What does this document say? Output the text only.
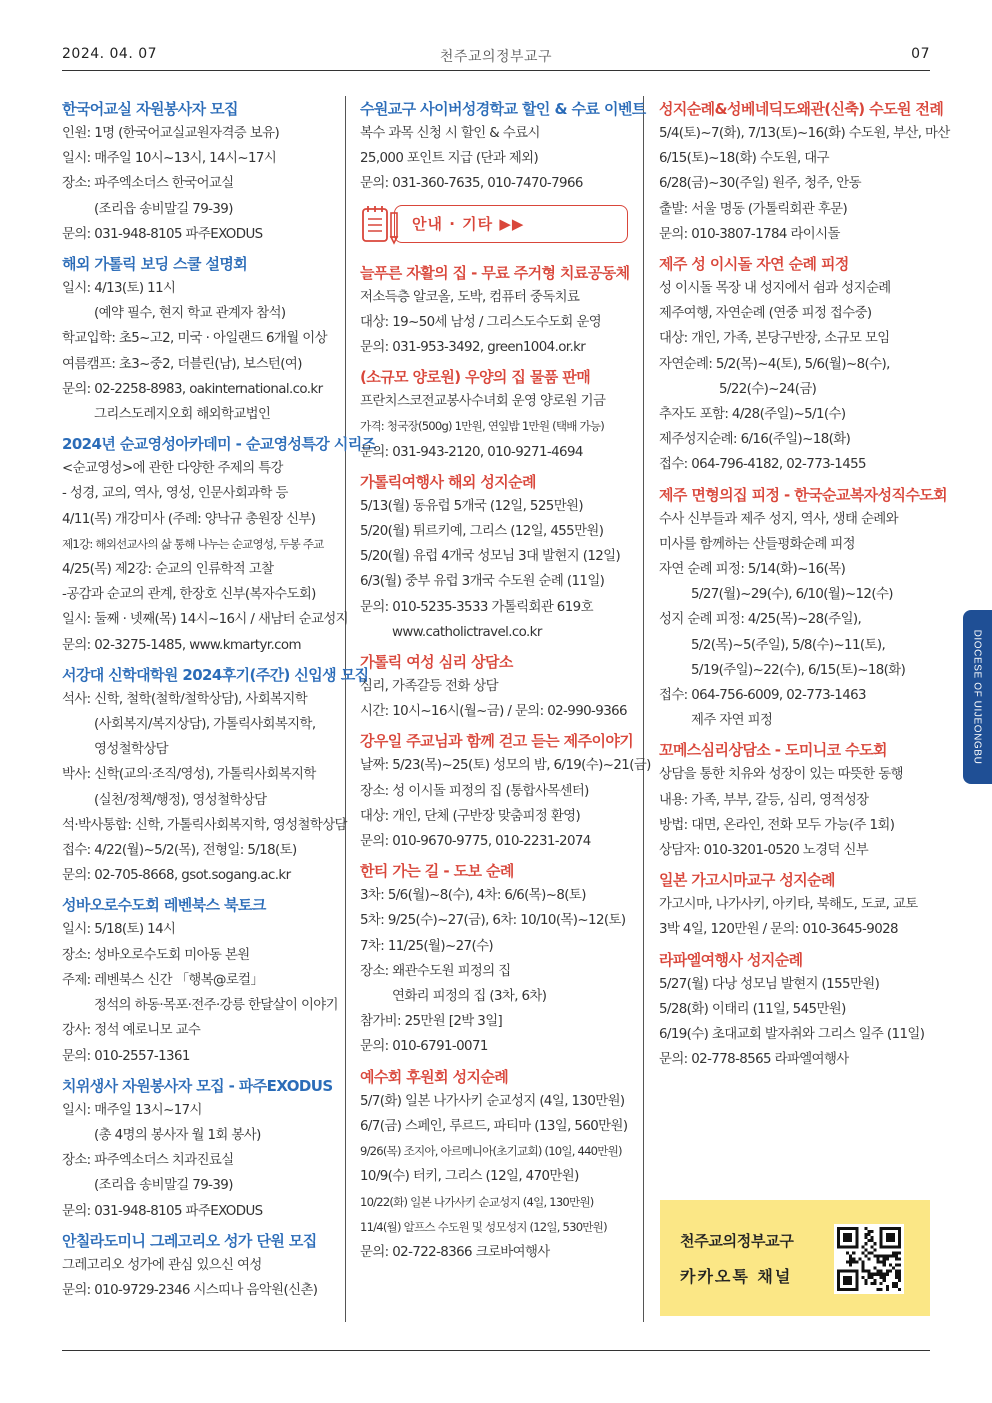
2024. 04. 07	천주교의정부교구	07
한국어교실 자원봉사자 모집
인원: 1명 (한국어교실교원자격증 보유)
일시: 매주일 10시~13시, 14시~17시
장소: 파주엑소더스 한국어교실
(조리읍 송비말길 79-39)
문의: 031-948-8105 파주EXODUS
해외 가톨릭 보딩 스쿨 설명회
일시: 4/13(토) 11시
(예약 필수, 현지 학교 관계자 참석)
학교입학: 초5~고2, 미국 · 아일랜드 6개월 이상
여름캠프: 초3~중2, 더블린(남), 보스턴(여)
문의: 02-2258-8983, oakinternational.co.kr
그리스도레지오회 해외학교법인
2024년 순교영성아카데미 - 순교영성특강 시리즈
<순교영성>에 관한 다양한 주제의 특강
- 성경, 교의, 역사, 영성, 인문사회과학 등
4/11(목) 개강미사 (주례: 양낙규 총원장 신부)
제1강: 해외선교사의 삶 통해 나누는 순교영성, 두봉 주교
4/25(목) 제2강: 순교의 인류학적 고찰
-공감과 순교의 관계, 한장호 신부(복자수도회)
일시: 둘째 · 넷째(목) 14시~16시 / 새남터 순교성지
문의: 02-3275-1485, www.kmartyr.com
서강대 신학대학원 2024후기(주간) 신입생 모집
석사: 신학, 철학(철학/철학상담), 사회복지학
(사회복지/복지상담), 가톨릭사회복지학,
영성철학상담
박사: 신학(교의·조직/영성), 가톨릭사회복지학
(실천/정책/행정), 영성철학상담
석·박사통합: 신학, 가톨릭사회복지학, 영성철학상담
접수: 4/22(월)~5/2(목), 전형일: 5/18(토)
문의: 02-705-8668, gsot.sogang.ac.kr
성바오로수도회 레벤북스 북토크
일시: 5/18(토) 14시
장소: 성바오로수도회 미아동 본원
주제: 레벤북스 신간 「행복@로컬」
정석의 하동·목포·전주·강릉 한달살이 이야기
강사: 정석 예로니모 교수
문의: 010-2557-1361
치위생사 자원봉사자 모집 - 파주EXODUS
일시: 매주일 13시~17시
(총 4명의 봉사자 월 1회 봉사)
장소: 파주엑소더스 치과진료실
(조리읍 송비말길 79-39)
문의: 031-948-8105 파주EXODUS
안칠라도미니 그레고리오 성가 단원 모집
그레고리오 성가에 관심 있으신 여성
문의: 010-9729-2346 시스띠나 음악원(신촌)
수원교구 사이버성경학교 할인 & 수료 이벤트
복수 과목 신청 시 할인 & 수료시
25,000 포인트 지급 (단과 제외)
문의: 031-360-7635, 010-7470-7966
안내 · 기타 ▶▶
늘푸른 자활의 집 - 무료 주거형 치료공동체
저소득층 알코올, 도박, 컴퓨터 중독치료
대상: 19~50세 남성 / 그리스도수도회 운영
문의: 031-953-3492, green1004.or.kr
(소규모 양로원) 우양의 집 물품 판매
프란치스코전교봉사수녀회 운영 양로원 기금
가격: 청국장(500g) 1만원, 연잎밥 1만원 (택배 가능)
문의: 031-943-2120, 010-9271-4694
가톨릭여행사 해외 성지순례
5/13(월) 동유럽 5개국 (12일, 525만원)
5/20(월) 튀르키예, 그리스 (12일, 455만원)
5/20(월) 유럽 4개국 성모님 3대 발현지 (12일)
6/3(월) 중부 유럽 3개국 수도원 순례 (11일)
문의: 010-5235-3533 가톨릭회관 619호
www.catholictravel.co.kr
가톨릭 여성 심리 상담소
심리, 가족갈등 전화 상담
시간: 10시~16시(월~금) / 문의: 02-990-9366
강우일 주교님과 함께 걷고 듣는 제주이야기
날짜: 5/23(목)~25(토) 성모의 밤, 6/19(수)~21(금)
장소: 성 이시돌 피정의 집 (통합사목센터)
대상: 개인, 단체 (구반장 맞춤피정 환영)
문의: 010-9670-9775, 010-2231-2074
한티 가는 길 - 도보 순례
3차: 5/6(월)~8(수), 4차: 6/6(목)~8(토)
5차: 9/25(수)~27(금), 6차: 10/10(목)~12(토)
7차: 11/25(월)~27(수)
장소: 왜관수도원 피정의 집
연화리 피정의 집 (3차, 6차)
참가비: 25만원 [2박 3일]
문의: 010-6791-0071
예수회 후원회 성지순례
5/7(화) 일본 나가사키 순교성지 (4일, 130만원)
6/7(금) 스페인, 루르드, 파티마 (13일, 560만원)
9/26(목) 조지아, 아르메니아(초기교회) (10일, 440만원)
10/9(수) 터키, 그리스 (12일, 470만원)
10/22(화) 일본 나가사키 순교성지 (4일, 130만원)
11/4(월) 알프스 수도원 및 성모성지 (12일, 530만원)
문의: 02-722-8366 크로바여행사
성지순례&성베네딕도왜관(신축) 수도원 전례
5/4(토)~7(화), 7/13(토)~16(화) 수도원, 부산, 마산
6/15(토)~18(화) 수도원, 대구
6/28(금)~30(주일) 원주, 청주, 안동
출발: 서울 명동 (가톨릭회관 후문)
문의: 010-3807-1784 라이시돌
제주 성 이시돌 자연 순례 피정
성 이시돌 목장 내 성지에서 쉼과 성지순례
제주여행, 자연순례 (연중 피정 접수중)
대상: 개인, 가족, 본당구반장, 소규모 모임
자연순례: 5/2(목)~4(토), 5/6(월)~8(수),
5/22(수)~24(금)
추자도 포함: 4/28(주일)~5/1(수)
제주성지순례: 6/16(주일)~18(화)
접수: 064-796-4182, 02-773-1455
제주 면형의집 피정 - 한국순교복자성직수도회
수사 신부들과 제주 성지, 역사, 생태 순례와
미사를 함께하는 산들평화순례 피정
자연 순례 피정: 5/14(화)~16(목)
5/27(월)~29(수), 6/10(월)~12(수)
성지 순례 피정: 4/25(목)~28(주일),
5/2(목)~5(주일), 5/8(수)~11(토),
5/19(주일)~22(수), 6/15(토)~18(화)
접수: 064-756-6009, 02-773-1463
제주 자연 피정
꼬메스심리상담소 - 도미니코 수도회
상담을 통한 치유와 성장이 있는 따뜻한 동행
내용: 가족, 부부, 갈등, 심리, 영적성장
방법: 대면, 온라인, 전화 모두 가능(주 1회)
상담자: 010-3201-0520 노경덕 신부
일본 가고시마교구 성지순례
가고시마, 나가사키, 아키타, 북해도, 도쿄, 교토
3박 4일, 120만원 / 문의: 010-3645-9028
라파엘여행사 성지순례
5/27(월) 다낭 성모님 발현지 (155만원)
5/28(화) 이태리 (11일, 545만원)
6/19(수) 초대교회 발자취와 그리스 일주 (11일)
문의: 02-778-8565 라파엘여행사
천주교의정부교구
카카오톡 채널
DIOCESE OF UIJEONGBU
